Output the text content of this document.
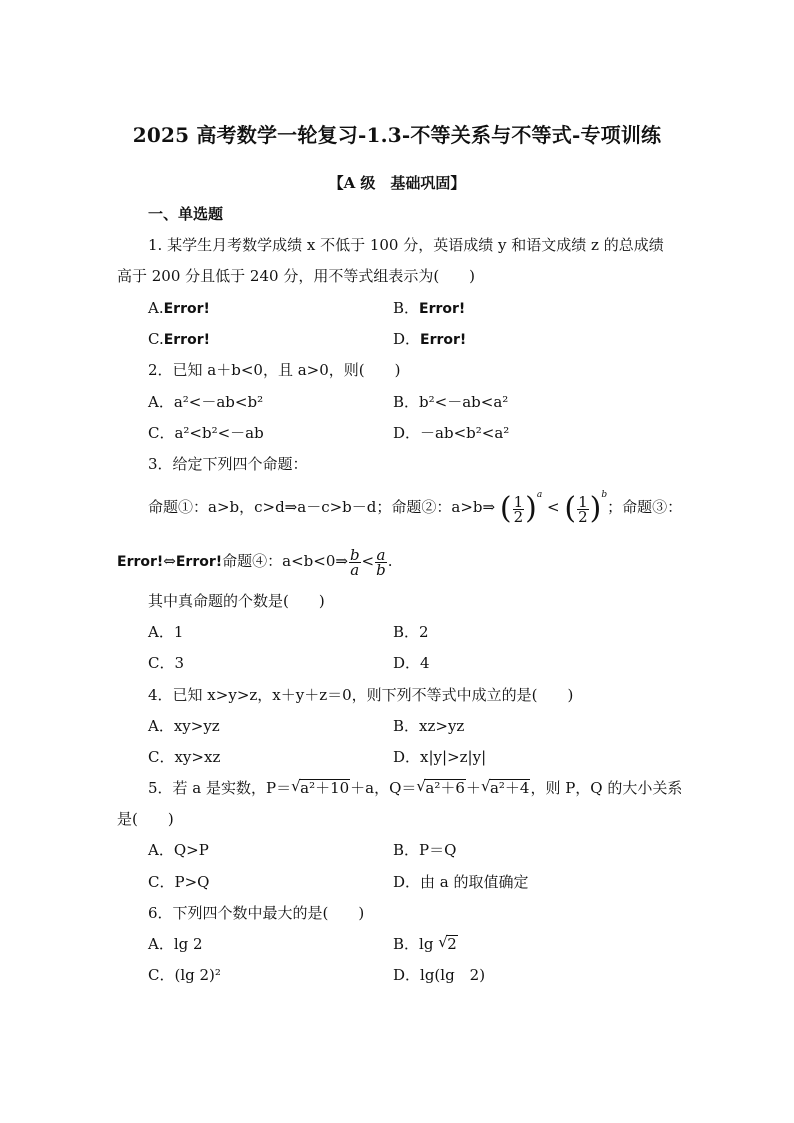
2025 高考数学一轮复习-1.3-不等关系与不等式-专项训练
【A 级　基础巩固】
一、单选题
1. 某学生月考数学成绩 x 不低于 100 分，英语成绩 y 和语文成绩 z 的总成绩
高于 200 分且低于 240 分，用不等式组表示为(　　)
A.Error!	B．Error!
C.Error!	D．Error!
2．已知 a＋b<0，且 a>0，则(　　)
A．a²<－ab<b²	B．b²<－ab<a²
C．a²<b²<－ab	D．－ab<b²<a²
3．给定下列四个命题：
命题①：a>b，c>d⇒a－c>b－d；命题②：a>b⇒ ( $\frac{1}{2} )^a$ < ( $\frac{1}{2} )^b$；命题③：
Error!⇔Error!命题④：a<b<0⇒ $\frac{b}{a} < \frac{a}{b}$ .
其中真命题的个数是(　　)
A．1	B．2
C．3	D．4
4．已知 x>y>z，x＋y＋z＝0，则下列不等式中成立的是(　　)
A．xy>yz	B．xz>yz
C．xy>xz	D．x|y|>z|y|
5．若 a 是实数，P＝ √ a²＋10＋a，Q＝ √ a²＋6＋ √ a²＋4，则 P，Q 的大小关系
是(　　)
A．Q>P	B．P＝Q
C．P>Q	D．由 a 的取值确定
6．下列四个数中最大的是(　　)
A．lg 2	B．lg √ 2
C．(lg 2)²	D．lg(lg　2)
